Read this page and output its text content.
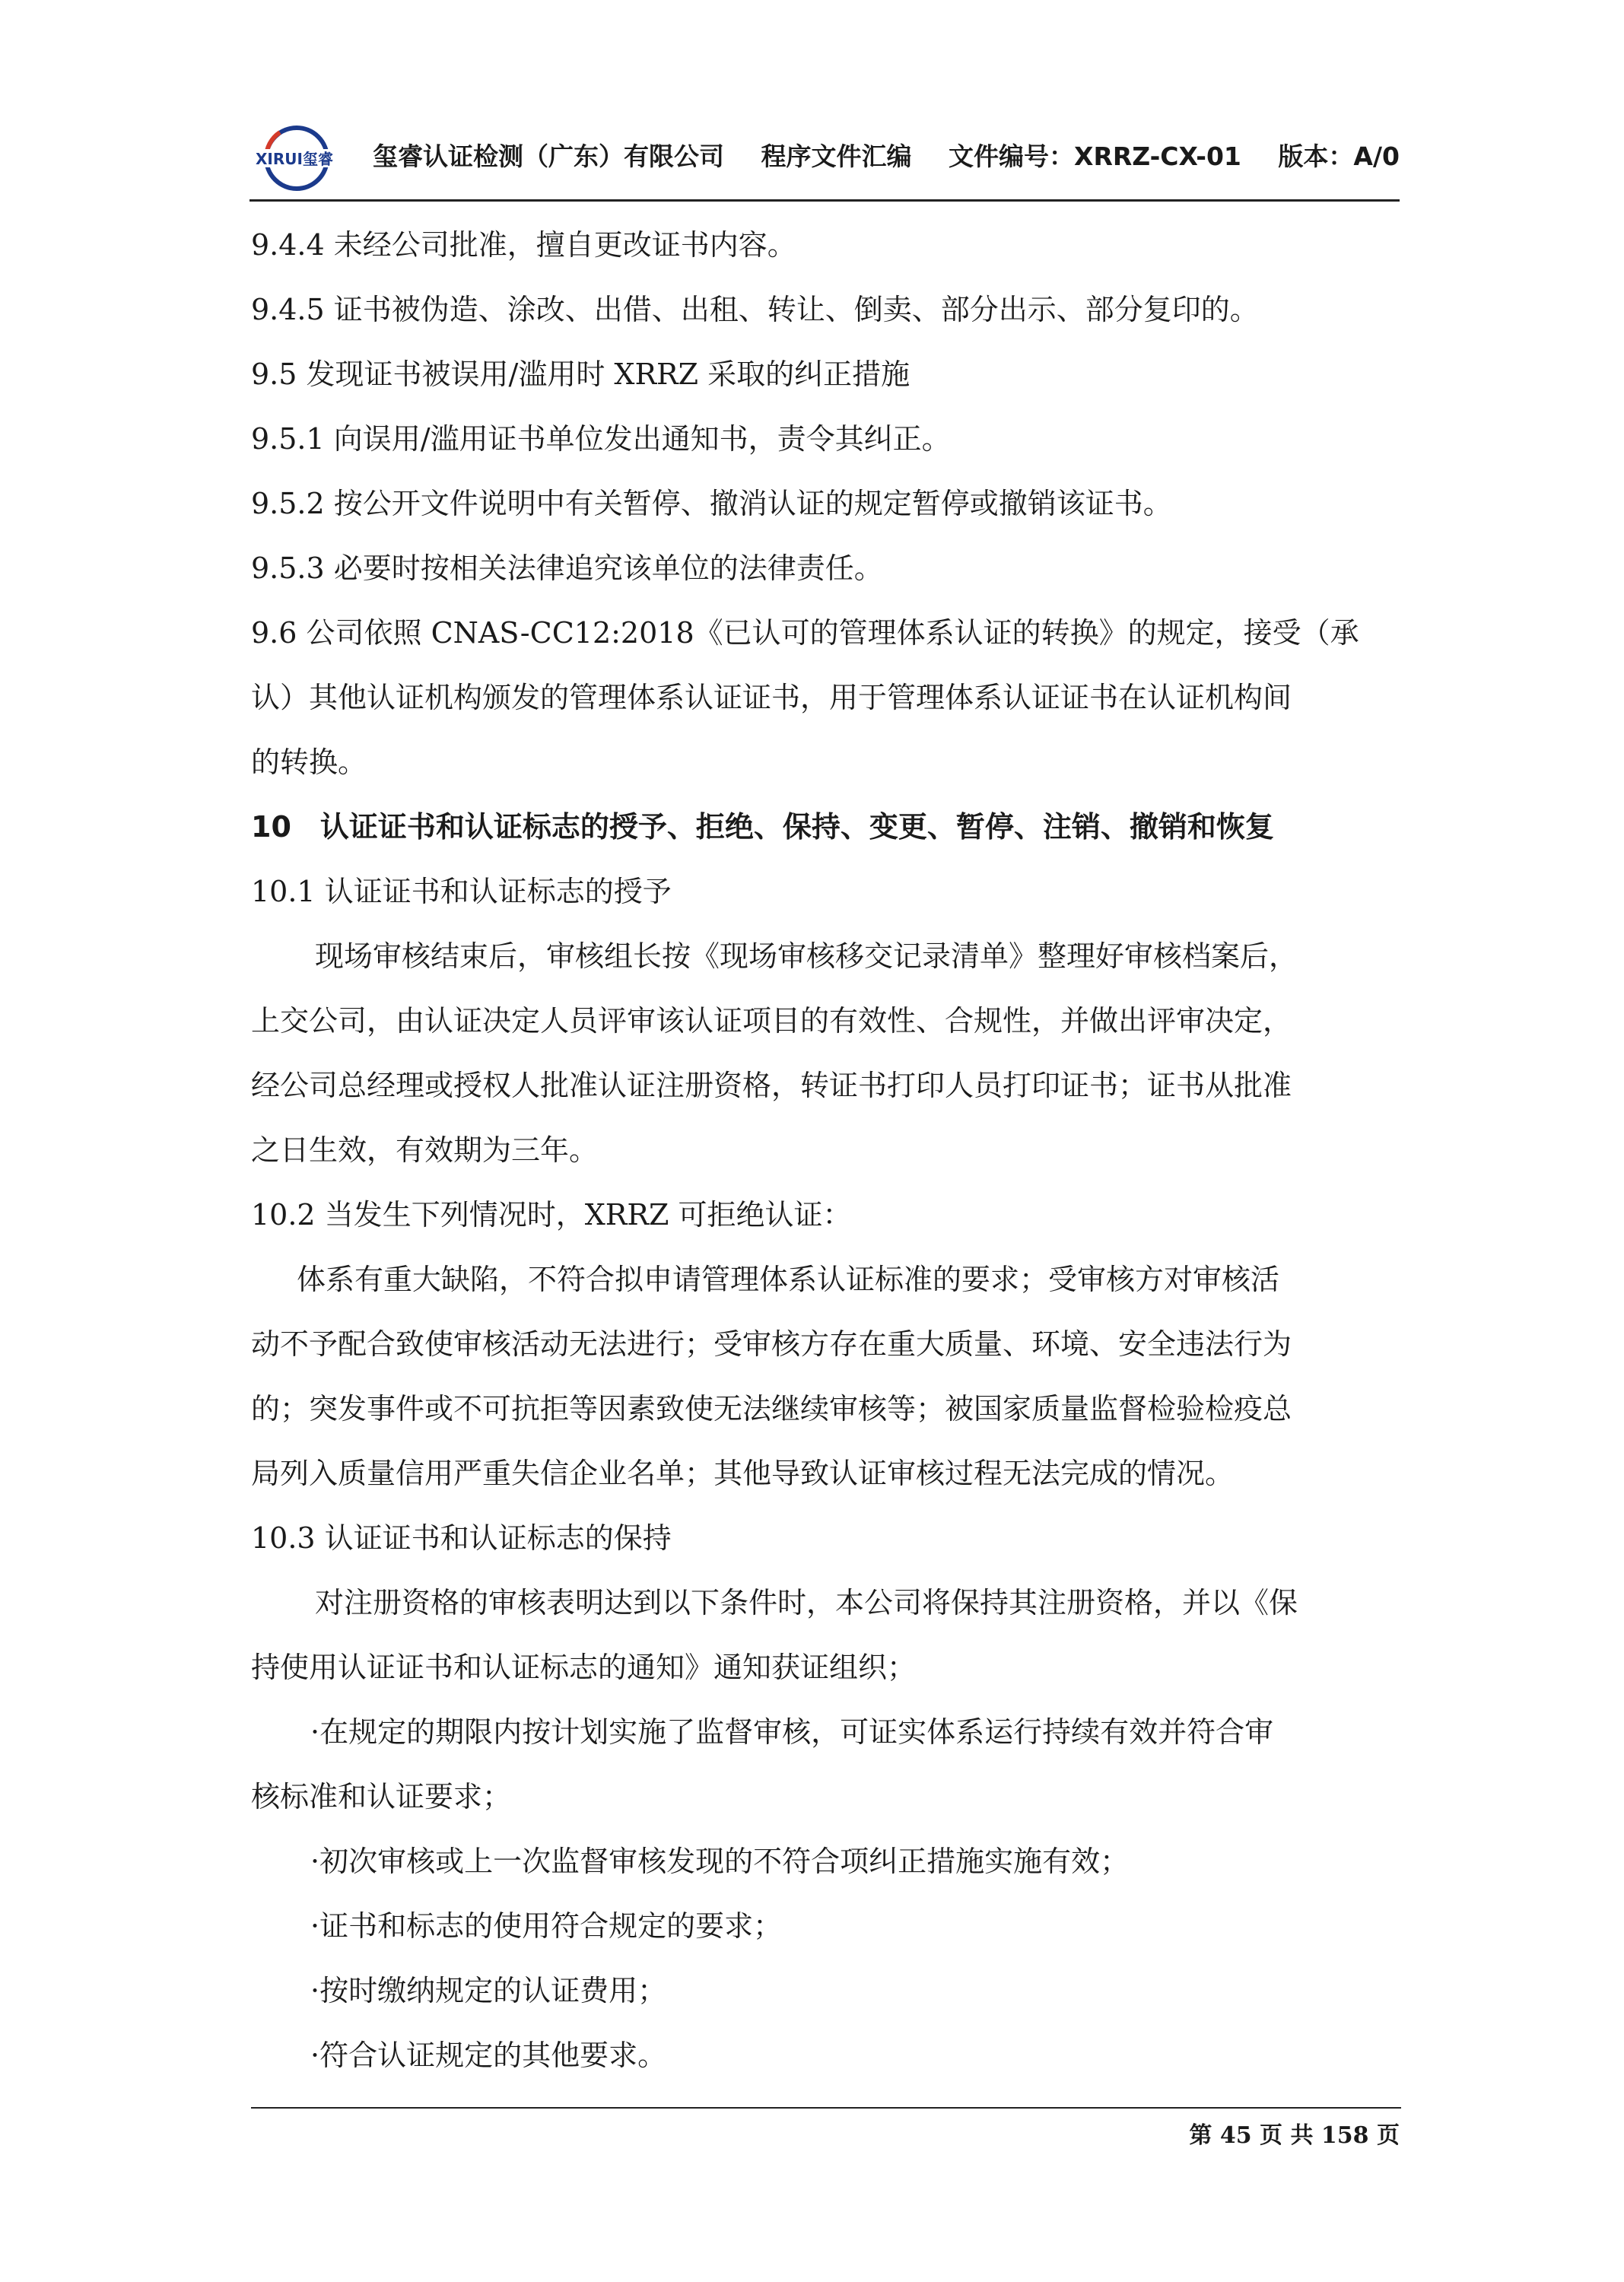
XIRUI玺睿 玺睿认证检测（广东）有限公司 程序文件汇编 文件编号：XRRZ-CX-01 版本：A/0
9.4.4 未经公司批准，擅自更改证书内容。
9.4.5 证书被伪造、涂改、出借、出租、转让、倒卖、部分出示、部分复印的。
9.5 发现证书被误用/滥用时 XRRZ 采取的纠正措施
9.5.1 向误用/滥用证书单位发出通知书，责令其纠正。
9.5.2 按公开文件说明中有关暂停、撤消认证的规定暂停或撤销该证书。
9.5.3 必要时按相关法律追究该单位的法律责任。
9.6 公司依照 CNAS-CC12:2018《已认可的管理体系认证的转换》的规定，接受（承
认）其他认证机构颁发的管理体系认证证书，用于管理体系认证证书在认证机构间
的转换。
10　认证证书和认证标志的授予、拒绝、保持、变更、暂停、注销、撤销和恢复
10.1 认证证书和认证标志的授予
现场审核结束后，审核组长按《现场审核移交记录清单》整理好审核档案后，
上交公司，由认证决定人员评审该认证项目的有效性、合规性，并做出评审决定，
经公司总经理或授权人批准认证注册资格，转证书打印人员打印证书；证书从批准
之日生效，有效期为三年。
10.2 当发生下列情况时，XRRZ 可拒绝认证：
体系有重大缺陷，不符合拟申请管理体系认证标准的要求；受审核方对审核活
动不予配合致使审核活动无法进行；受审核方存在重大质量、环境、安全违法行为
的；突发事件或不可抗拒等因素致使无法继续审核等；被国家质量监督检验检疫总
局列入质量信用严重失信企业名单；其他导致认证审核过程无法完成的情况。
10.3 认证证书和认证标志的保持
对注册资格的审核表明达到以下条件时，本公司将保持其注册资格，并以《保
持使用认证证书和认证标志的通知》通知获证组织；
·在规定的期限内按计划实施了监督审核，可证实体系运行持续有效并符合审
核标准和认证要求；
·初次审核或上一次监督审核发现的不符合项纠正措施实施有效；
·证书和标志的使用符合规定的要求；
·按时缴纳规定的认证费用；
·符合认证规定的其他要求。
第 45 页 共 158 页
